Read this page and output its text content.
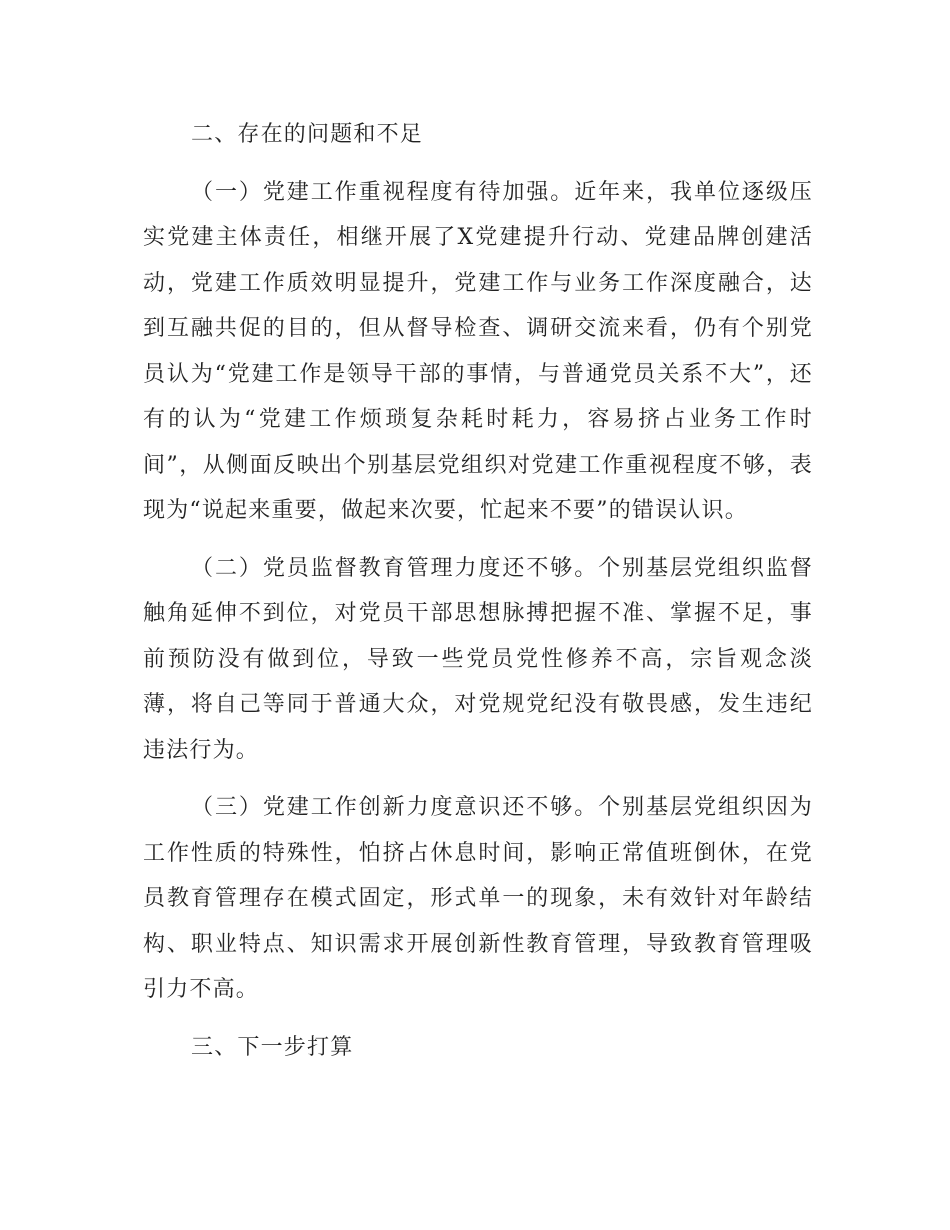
二、存在的问题和不足

（一）党建工作重视程度有待加强。近年来，我单位逐级压实党建主体责任，相继开展了X党建提升行动、党建品牌创建活动，党建工作质效明显提升，党建工作与业务工作深度融合，达到互融共促的目的，但从督导检查、调研交流来看，仍有个别党员认为“党建工作是领导干部的事情，与普通党员关系不大”，还有的认为“党建工作烦琐复杂耗时耗力，容易挤占业务工作时间”，从侧面反映出个别基层党组织对党建工作重视程度不够，表现为“说起来重要，做起来次要，忙起来不要”的错误认识。

（二）党员监督教育管理力度还不够。个别基层党组织监督触角延伸不到位，对党员干部思想脉搏把握不准、掌握不足，事前预防没有做到位，导致一些党员党性修养不高，宗旨观念淡薄，将自己等同于普通大众，对党规党纪没有敬畏感，发生违纪违法行为。

（三）党建工作创新力度意识还不够。个别基层党组织因为工作性质的特殊性，怕挤占休息时间，影响正常值班倒休，在党员教育管理存在模式固定，形式单一的现象，未有效针对年龄结构、职业特点、知识需求开展创新性教育管理，导致教育管理吸引力不高。

三、下一步打算
